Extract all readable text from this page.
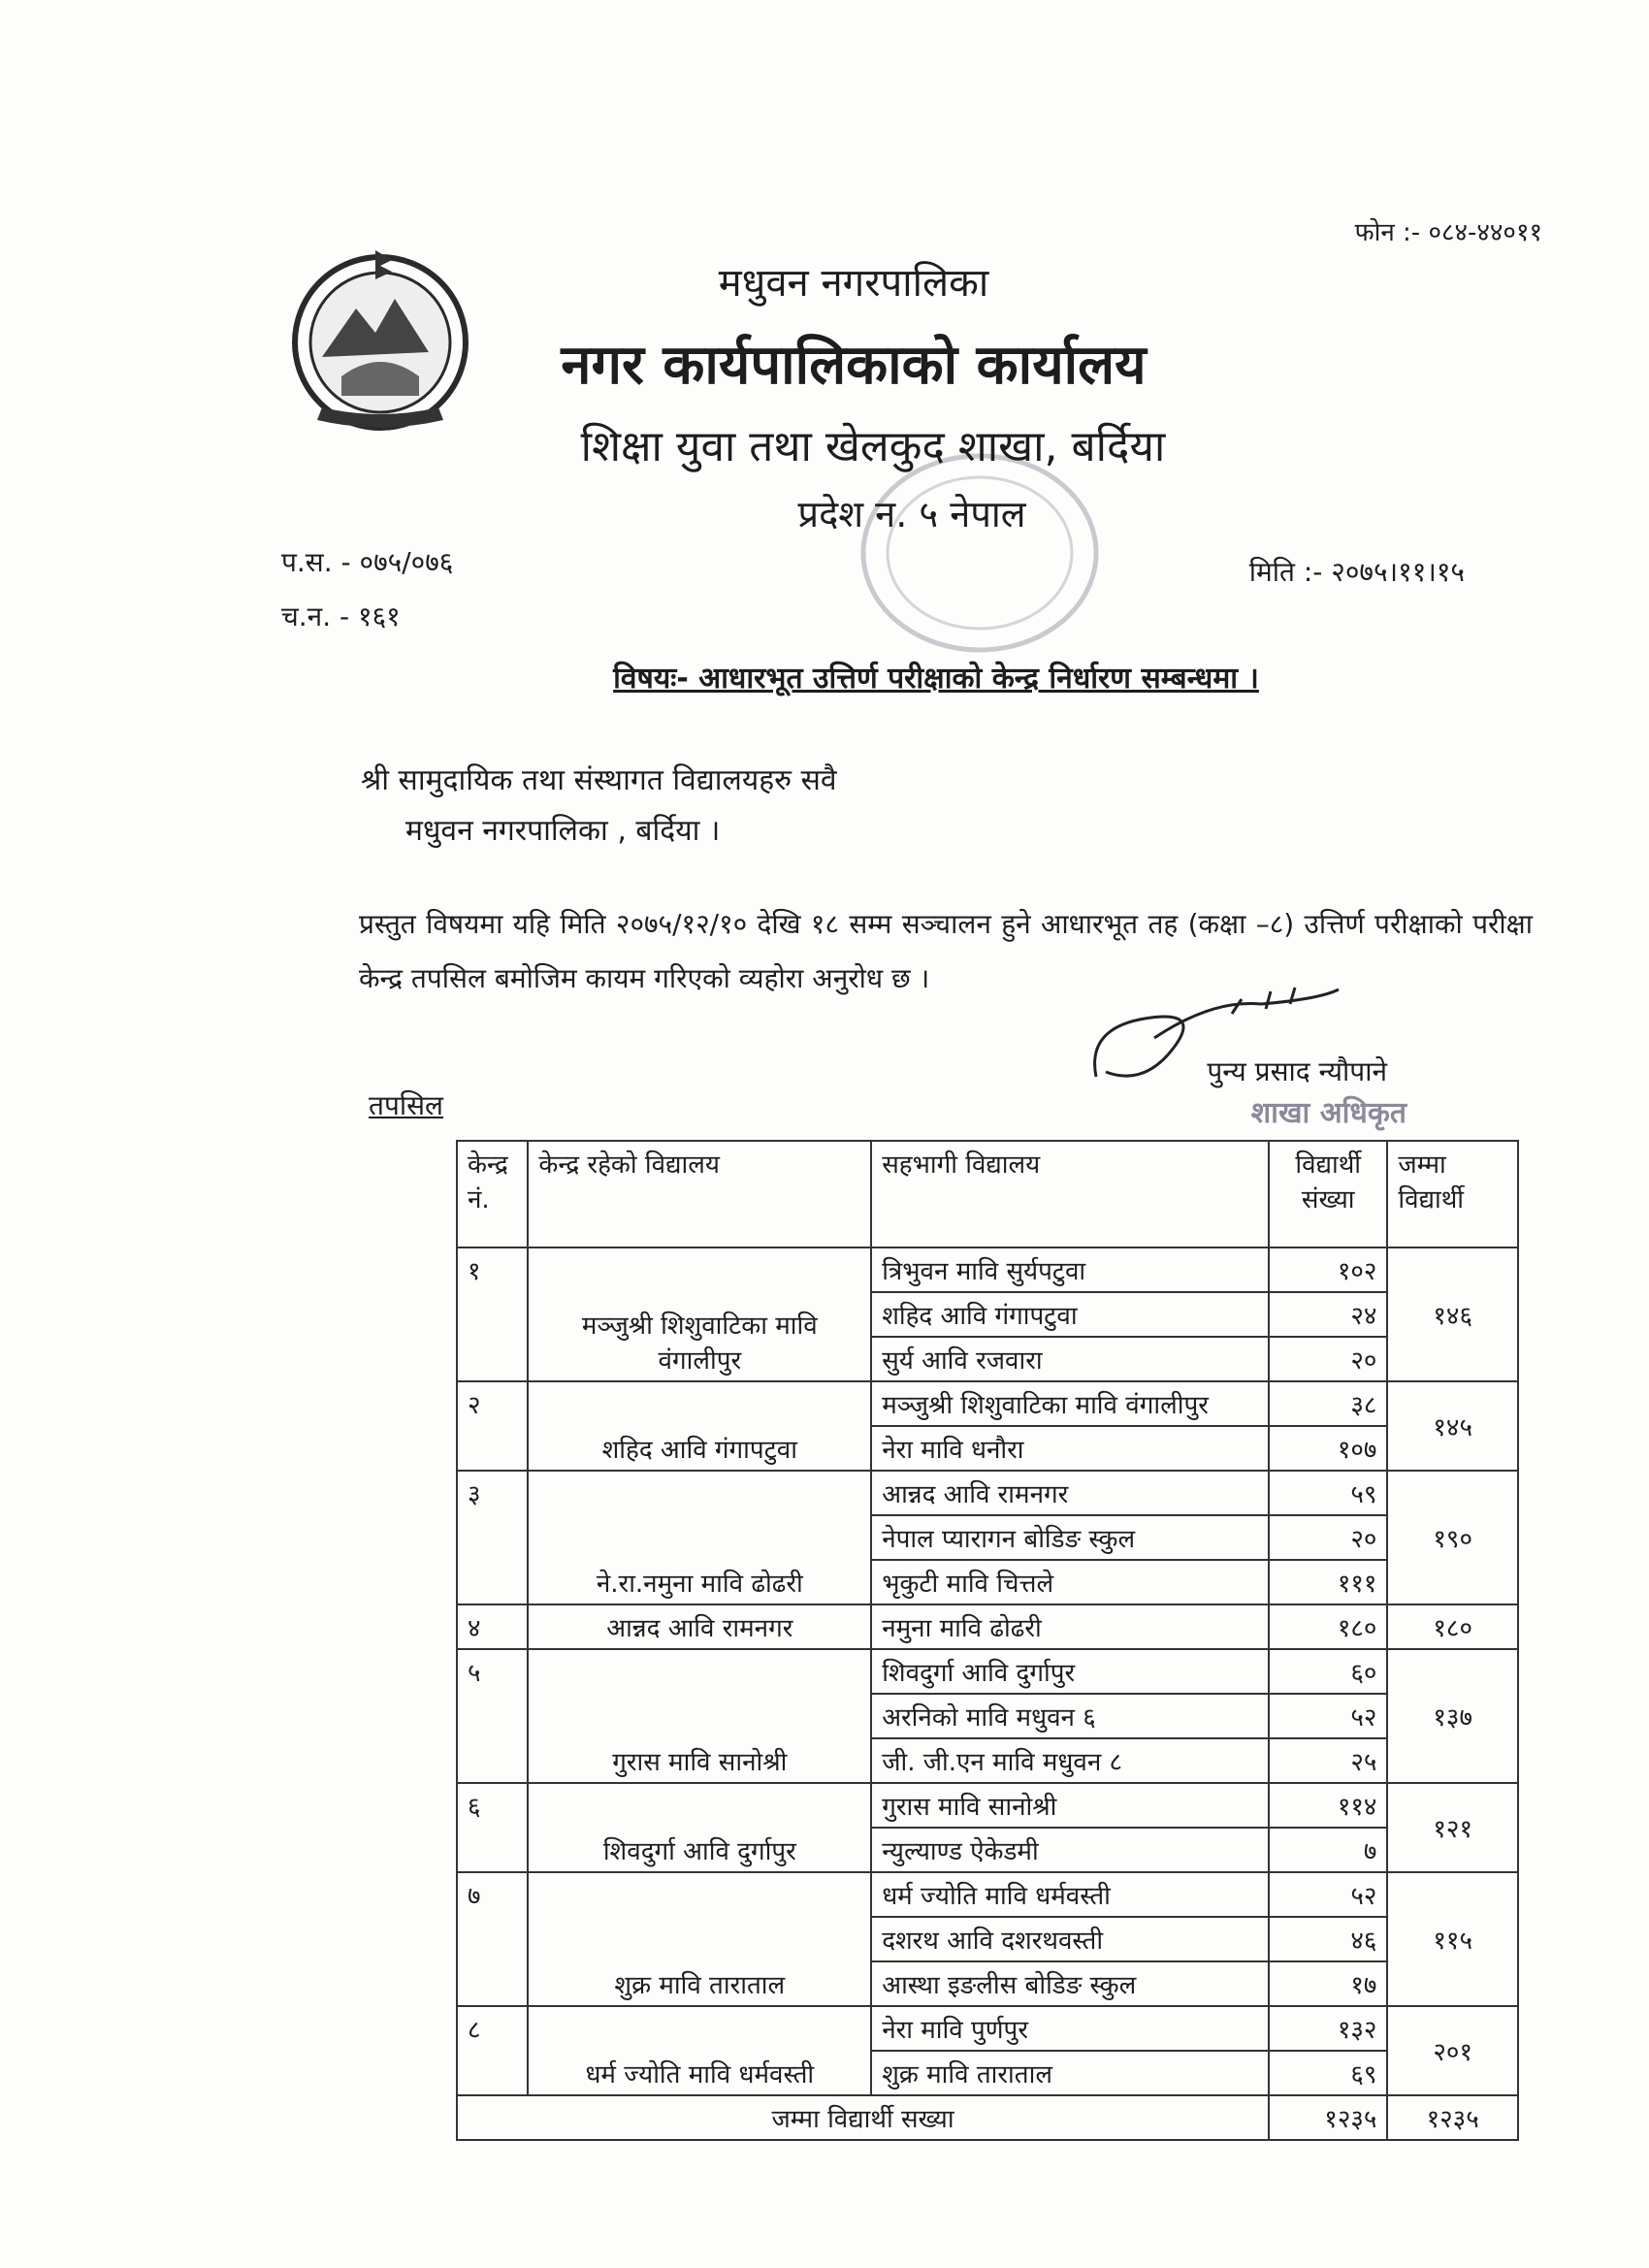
फोन :- ०८४-४४०११
मधुवन नगरपालिका
नगर कार्यपालिकाको कार्यालय
शिक्षा युवा तथा खेलकुद शाखा, बर्दिया
प्रदेश न. ५ नेपाल
प.स. - ०७५/०७६
च.न. - १६१
मिति :- २०७५।११।१५
विषयः- आधारभूत उत्तिर्ण परीक्षाको केन्द्र निर्धारण सम्बन्धमा ।
श्री सामुदायिक तथा संस्थागत विद्यालयहरु सवै
मधुवन नगरपालिका , बर्दिया ।
प्रस्तुत विषयमा यहि मिति २०७५/१२/१० देखि १८ सम्म सञ्चालन हुने आधारभूत तह (कक्षा –८) उत्तिर्ण परीक्षाको परीक्षा केन्द्र तपसिल बमोजिम कायम गरिएको व्यहोरा अनुरोध छ ।
पुन्य प्रसाद न्यौपाने
शाखा अधिकृत
तपसिल
केन्द्र नं.	केन्द्र रहेको विद्यालय	सहभागी विद्यालय	विद्यार्थी संख्या	जम्मा विद्यार्थी
१	मञ्जुश्री शिशुवाटिका मावि वंगालीपुर	त्रिभुवन मावि सुर्यपटुवा	१०२	१४६
		शहिद आवि गंगापटुवा	२४	
		सुर्य आवि रजवारा	२०	
२	शहिद आवि गंगापटुवा	मञ्जुश्री शिशुवाटिका मावि वंगालीपुर	३८	१४५
		नेरा मावि धनौरा	१०७	
३	ने.रा.नमुना मावि ढोढरी	आन्नद आवि रामनगर	५९	१९०
		नेपाल प्यारागन बोडिङ स्कुल	२०	
		भृकुटी मावि चित्तले	१११	
४	आन्नद आवि रामनगर	नमुना मावि ढोढरी	१८०	१८०
५	गुरास मावि सानोश्री	शिवदुर्गा आवि दुर्गापुर	६०	१३७
		अरनिको मावि मधुवन ६	५२	
		जी. जी.एन मावि मधुवन ८	२५	
६	शिवदुर्गा आवि दुर्गापुर	गुरास मावि सानोश्री	११४	१२१
		न्युल्याण्ड ऐकेडमी	७	
७	शुक्र मावि ताराताल	धर्म ज्योति मावि धर्मवस्ती	५२	११५
		दशरथ आवि दशरथवस्ती	४६	
		आस्था इङलीस बोडिङ स्कुल	१७	
८	धर्म ज्योति मावि धर्मवस्ती	नेरा मावि पुर्णपुर	१३२	२०१
		शुक्र मावि ताराताल	६९	
जम्मा विद्यार्थी सख्या			१२३५	१२३५
